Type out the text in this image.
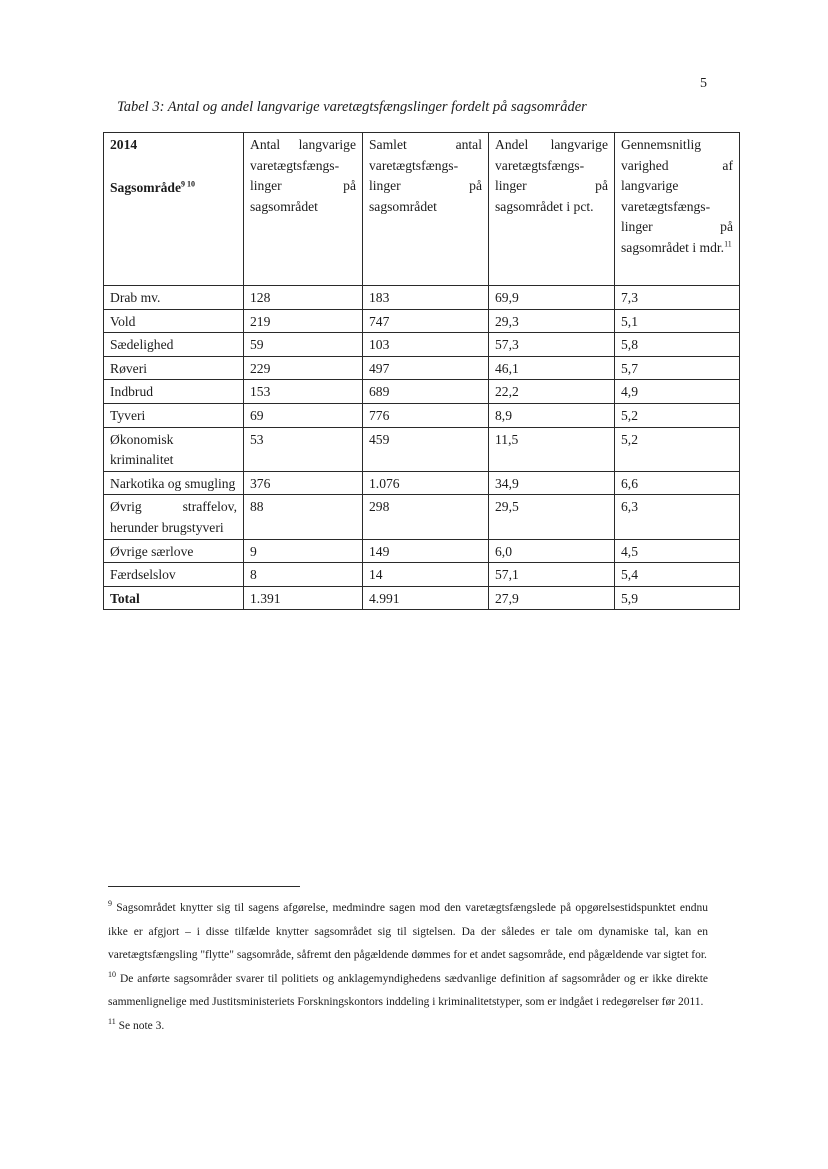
5
Tabel 3: Antal og andel langvarige varetægtsfængslinger fordelt på sagsområder
2014
Sagsområde$^{9 10}$	Antal langvarige varetægtsfængs-linger på sagsområdet	Samlet antal varetægtsfængs-linger på sagsområdet	Andel langvarige varetægtsfængs-linger på sagsområdet i pct.	Gennemsnitlig varighed af langvarige varetægtsfængs-linger på sagsområdet i mdr.$^{11}$
Drab mv.	128	183	69,9	7,3
Vold	219	747	29,3	5,1
Sædelighed	59	103	57,3	5,8
Røveri	229	497	46,1	5,7
Indbrud	153	689	22,2	4,9
Tyveri	69	776	8,9	5,2
Økonomisk kriminalitet	53	459	11,5	5,2
Narkotika og smugling	376	1.076	34,9	6,6
Øvrig straffelov, herunder brugstyveri	88	298	29,5	6,3
Øvrige særlove	9	149	6,0	4,5
Færdselslov	8	14	57,1	5,4
Total	1.391	4.991	27,9	5,9

$^9$ Sagsområdet knytter sig til sagens afgørelse, medmindre sagen mod den varetægtsfængslede på opgørelsestidspunktet endnu ikke er afgjort – i disse tilfælde knytter sagsområdet sig til sigtelsen. Da der således er tale om dynamiske tal, kan en varetægtsfængsling "flytte" sagsområde, såfremt den pågældende dømmes for et andet sagsområde, end pågældende var sigtet for.

$^{10}$ De anførte sagsområder svarer til politiets og anklagemyndighedens sædvanlige definition af sagsområder og er ikke direkte sammenlignelige med Justitsministeriets Forskningskontors inddeling i kriminalitetstyper, som er indgået i redegørelser før 2011.

$^{11}$ Se note 3.
